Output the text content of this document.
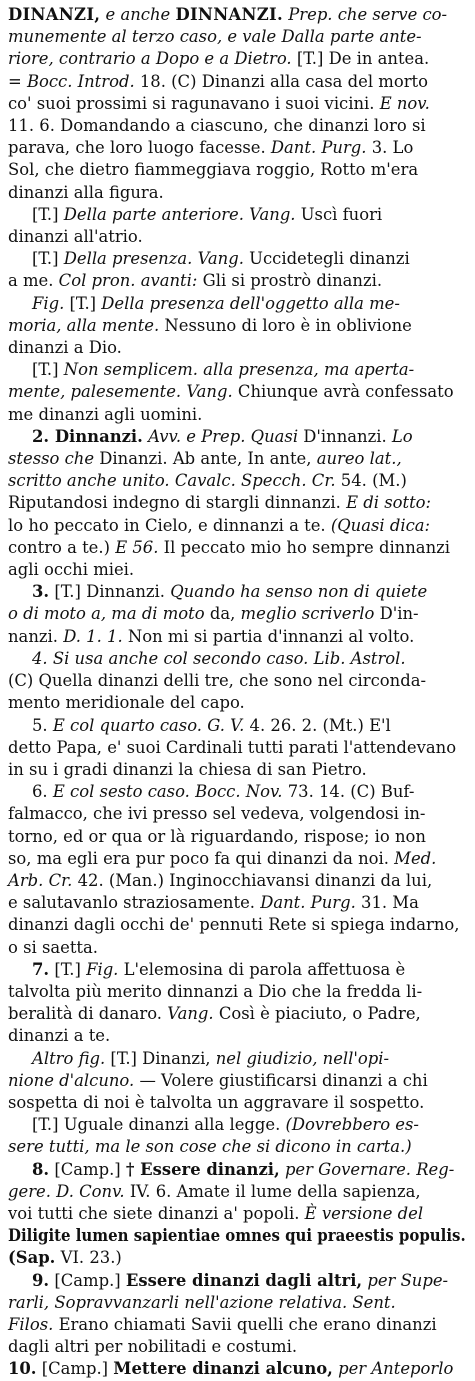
DINANZI, e anche DINNANZI. Prep. che serve co-
munemente al terzo caso, e vale Dalla parte ante-
riore, contrario a Dopo e a Dietro. [T.] De in antea.
= Bocc. Introd. 18. (C) Dinanzi alla casa del morto
co' suoi prossimi si ragunavano i suoi vicini. E nov.
11. 6. Domandando a ciascuno, che dinanzi loro si
parava, che loro luogo facesse. Dant. Purg. 3. Lo
Sol, che dietro fiammeggiava roggio, Rotto m'era
dinanzi alla figura.
[T.] Della parte anteriore. Vang. Uscì fuori
dinanzi all'atrio.
[T.] Della presenza. Vang. Uccidetegli dinanzi
a me. Col pron. avanti: Gli si prostrò dinanzi.
Fig. [T.] Della presenza dell'oggetto alla me-
moria, alla mente. Nessuno di loro è in oblivione
dinanzi a Dio.
[T.] Non semplicem. alla presenza, ma aperta-
mente, palesemente. Vang. Chiunque avrà confessato
me dinanzi agli uomini.
2. Dinnanzi. Avv. e Prep. Quasi D'innanzi. Lo
stesso che Dinanzi. Ab ante, In ante, aureo lat.,
scritto anche unito. Cavalc. Specch. Cr. 54. (M.)
Riputandosi indegno di stargli dinnanzi. E di sotto:
lo ho peccato in Cielo, e dinnanzi a te. (Quasi dica:
contro a te.) E 56. Il peccato mio ho sempre dinnanzi
agli occhi miei.
3. [T.] Dinnanzi. Quando ha senso non di quiete
o di moto a, ma di moto da, meglio scriverlo D'in-
nanzi. D. 1. 1. Non mi si partia d'innanzi al volto.
4. Si usa anche col secondo caso. Lib. Astrol.
(C) Quella dinanzi delli tre, che sono nel circonda-
mento meridionale del capo.
5. E col quarto caso. G. V. 4. 26. 2. (Mt.) E'l
detto Papa, e' suoi Cardinali tutti parati l'attendevano
in su i gradi dinanzi la chiesa di san Pietro.
6. E col sesto caso. Bocc. Nov. 73. 14. (C) Buf-
falmacco, che ivi presso sel vedeva, volgendosi in-
torno, ed or qua or là riguardando, rispose; io non
so, ma egli era pur poco fa qui dinanzi da noi. Med.
Arb. Cr. 42. (Man.) Inginocchiavansi dinanzi da lui,
e salutavanlo straziosamente. Dant. Purg. 31. Ma
dinanzi dagli occhi de' pennuti Rete si spiega indarno,
o si saetta.
7. [T.] Fig. L'elemosina di parola affettuosa è
talvolta più merito dinnanzi a Dio che la fredda li-
beralità di danaro. Vang. Così è piaciuto, o Padre,
dinanzi a te.
Altro fig. [T.] Dinanzi, nel giudizio, nell'opi-
nione d'alcuno. — Volere giustificarsi dinanzi a chi
sospetta di noi è talvolta un aggravare il sospetto.
[T.] Uguale dinanzi alla legge. (Dovrebbero es-
sere tutti, ma le son cose che si dicono in carta.)
8. [Camp.] † Essere dinanzi, per Governare. Reg-
gere. D. Conv. IV. 6. Amate il lume della sapienza,
voi tutti che siete dinanzi a' popoli. È versione del
Diligite lumen sapientiae omnes qui praeestis populis.
(Sap. VI. 23.)
9. [Camp.] Essere dinanzi dagli altri, per Supe-
rarli, Sopravvanzarli nell'azione relativa. Sent.
Filos. Erano chiamati Savii quelli che erano dinanzi
dagli altri per nobilitadi e costumi.
10. [Camp.] Mettere dinanzi alcuno, per Anteporlo
